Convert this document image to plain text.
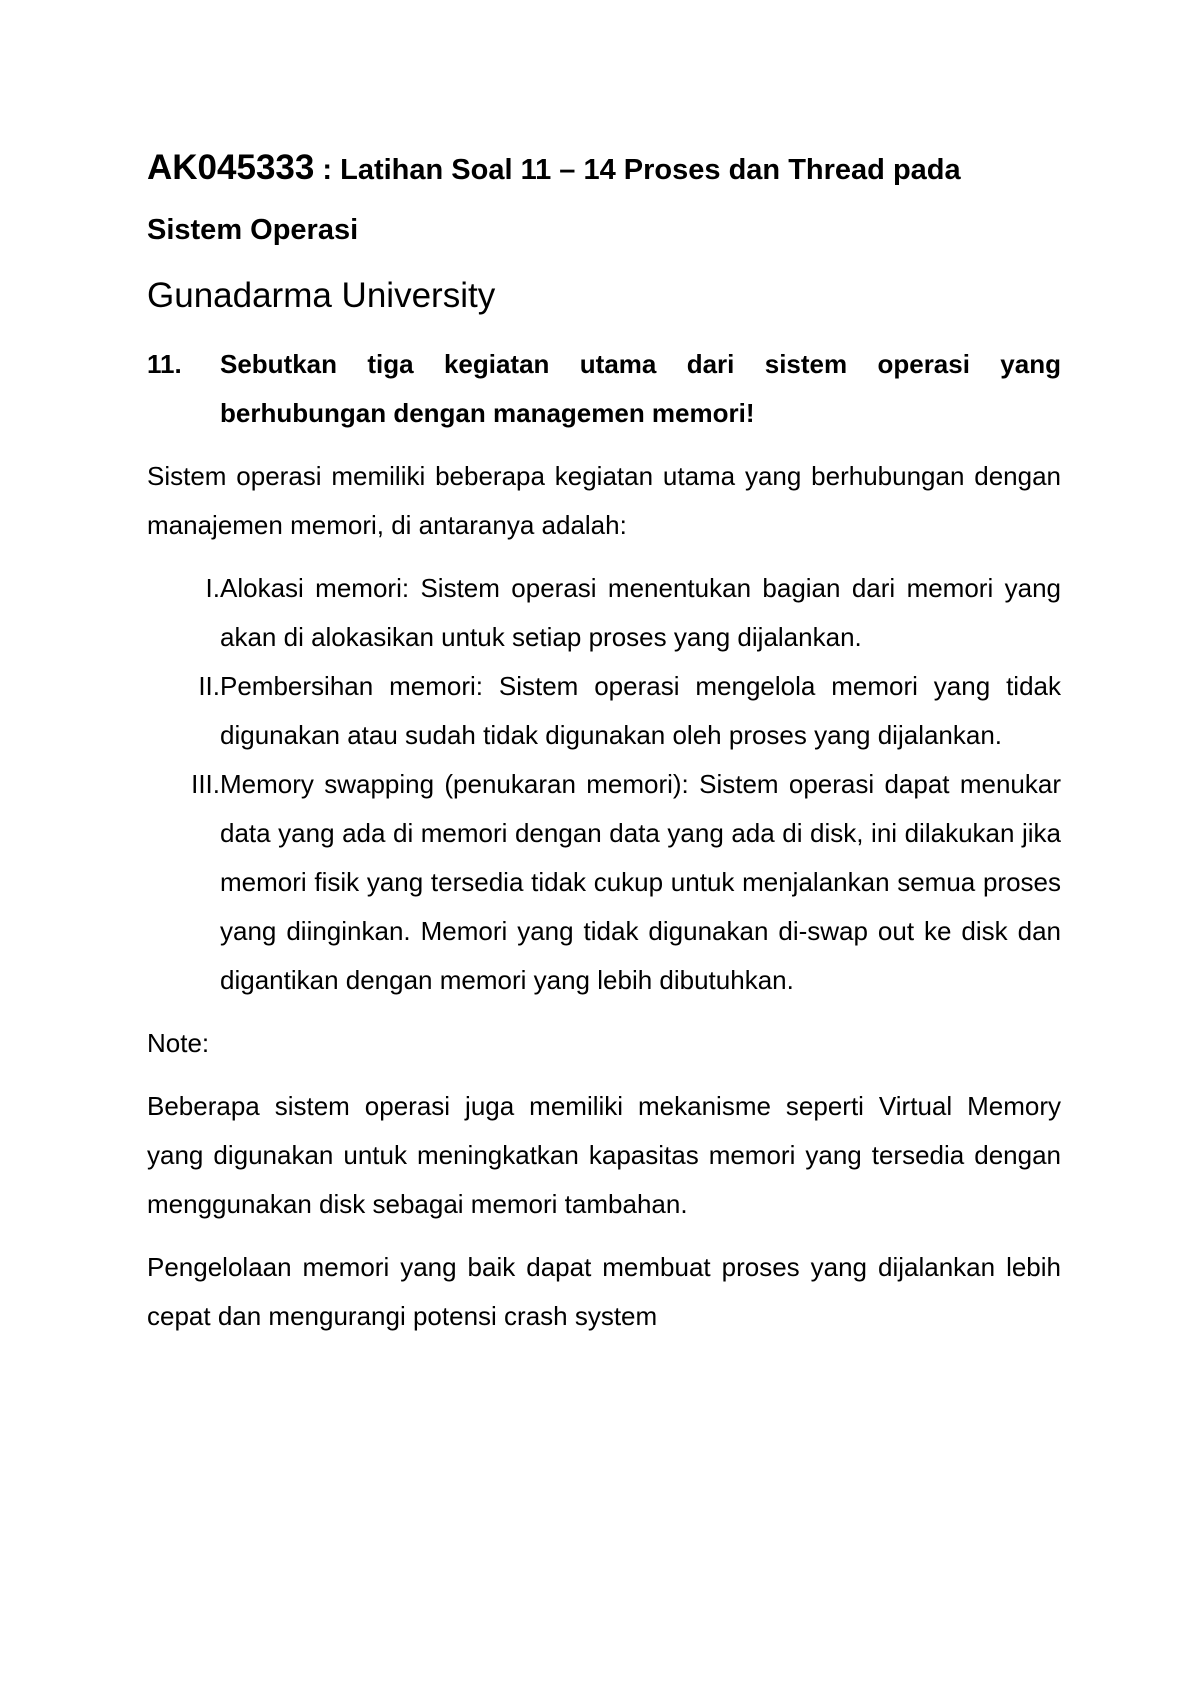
AK045333 : Latihan Soal 11 – 14 Proses dan Thread pada Sistem Operasi
Gunadarma University
11.	Sebutkan tiga kegiatan utama dari sistem operasi yang berhubungan dengan managemen memori!

Sistem operasi memiliki beberapa kegiatan utama yang berhubungan dengan manajemen memori, di antaranya adalah:

I. Alokasi memori: Sistem operasi menentukan bagian dari memori yang akan di alokasikan untuk setiap proses yang dijalankan.
II. Pembersihan memori: Sistem operasi mengelola memori yang tidak digunakan atau sudah tidak digunakan oleh proses yang dijalankan.
III. Memory swapping (penukaran memori): Sistem operasi dapat menukar data yang ada di memori dengan data yang ada di disk, ini dilakukan jika memori fisik yang tersedia tidak cukup untuk menjalankan semua proses yang diinginkan. Memori yang tidak digunakan di-swap out ke disk dan digantikan dengan memori yang lebih dibutuhkan.
Note:

Beberapa sistem operasi juga memiliki mekanisme seperti Virtual Memory yang digunakan untuk meningkatkan kapasitas memori yang tersedia dengan menggunakan disk sebagai memori tambahan.

Pengelolaan memori yang baik dapat membuat proses yang dijalankan lebih cepat dan mengurangi potensi crash system
